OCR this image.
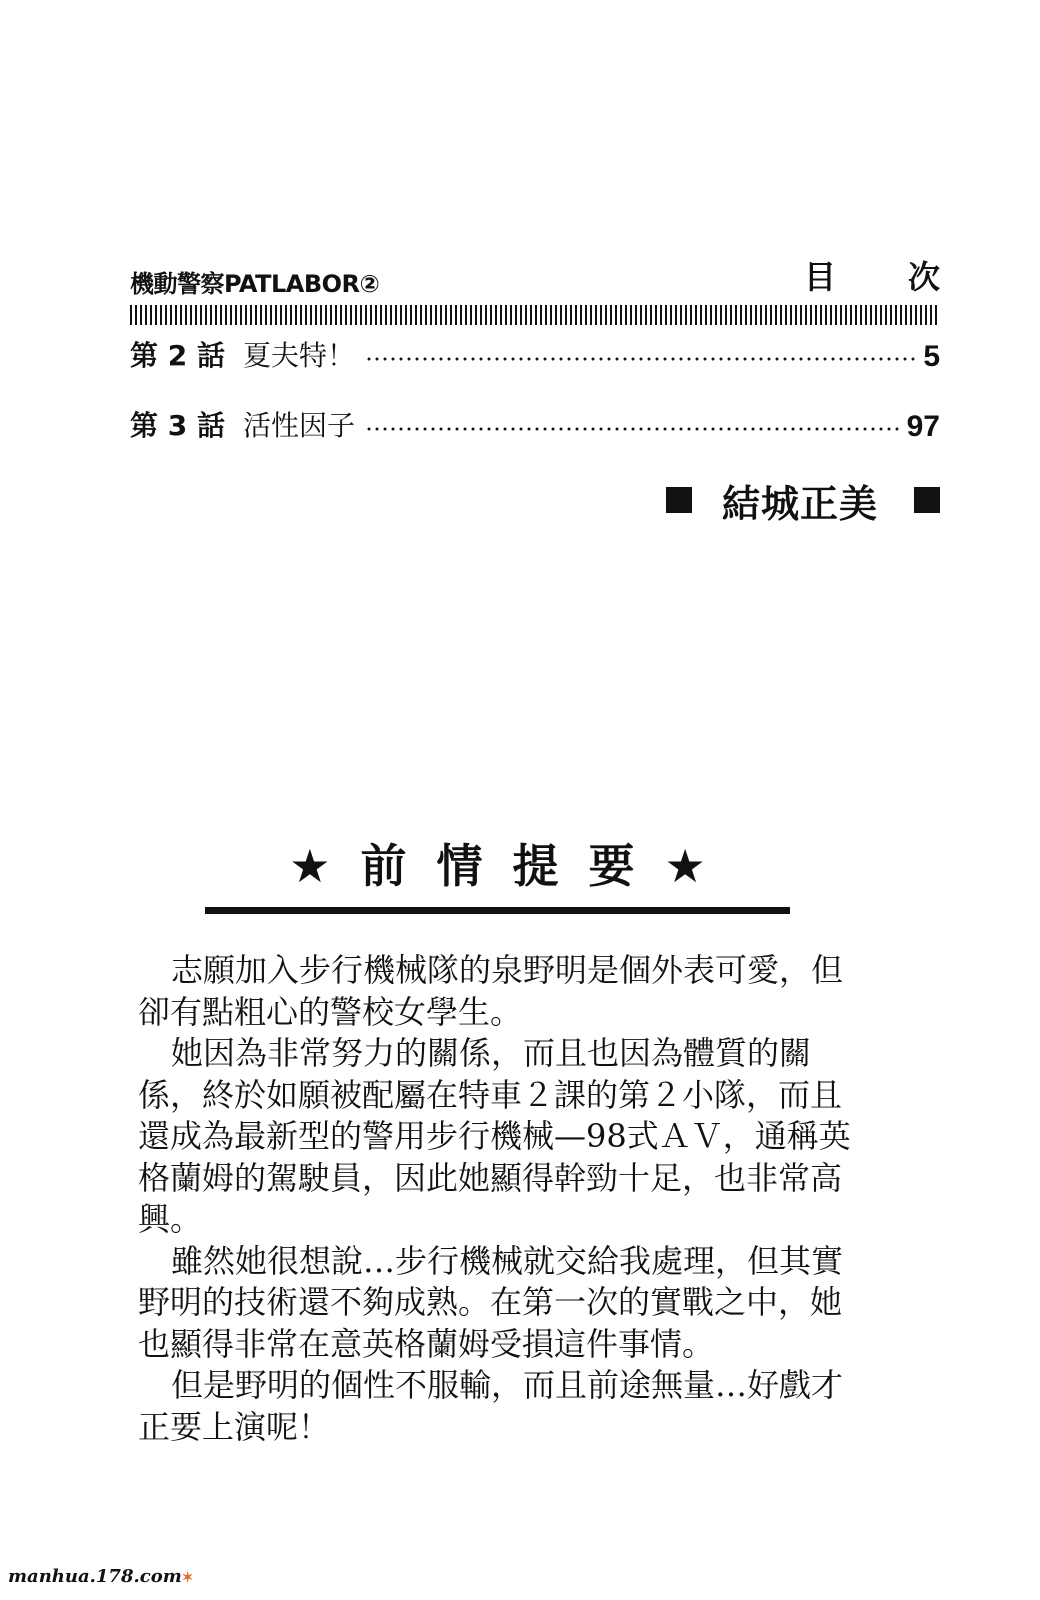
機動警察PATLABOR②	目次
第 2 話 夏夫特！	5
第 3 話 活性因子	97
結城正美
★ 前情提要★

志願加入步行機械隊的泉野明是個外表可愛，但卻有點粗心的警校女學生。

她因為非常努力的關係，而且也因為體質的關係，終於如願被配屬在特車２課的第２小隊，而且還成為最新型的警用步行機械—98式ＡＶ，通稱英格蘭姆的駕駛員，因此她顯得幹勁十足，也非常高興。

雖然她很想說…步行機械就交給我處理，但其實野明的技術還不夠成熟。在第一次的實戰之中，她也顯得非常在意英格蘭姆受損這件事情。

但是野明的個性不服輸，而且前途無量…好戲才正要上演呢！

manhua.178.com✶
